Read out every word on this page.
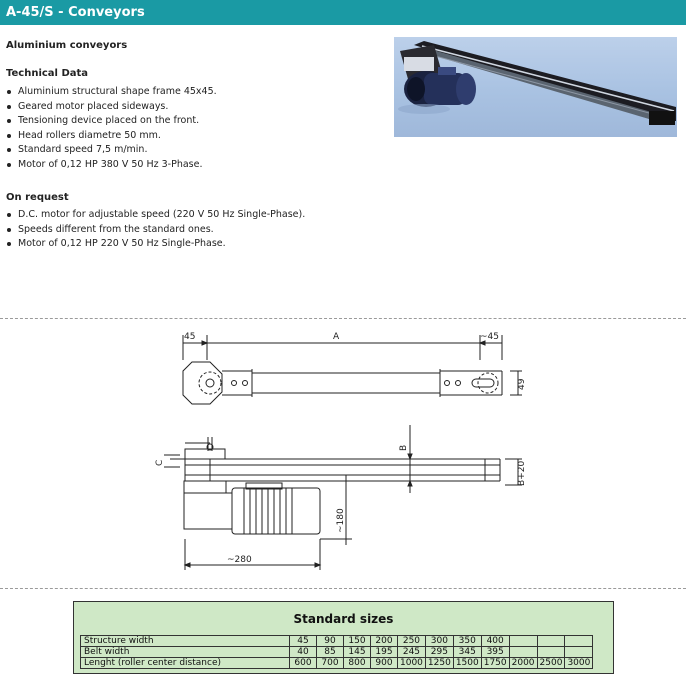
A-45/S - Conveyors
Aluminium conveyors
Technical Data
Aluminium structural shape frame 45x45.
Geared motor placed sideways.
Tensioning device placed on the front.
Head rollers diametre 50 mm.
Standard speed 7,5 m/min.
Motor of 0,12 HP 380 V 50 Hz 3-Phase.
On request
D.C. motor for adjustable speed (220 V 50 Hz Single-Phase).
Speeds different from the standard ones.
Motor of 0,12 HP 220 V 50 Hz Single-Phase.
45	A	~45
49
B
C	B+20
~180
~280
Standard sizes
Structure width	45	90	150	200	250	300	350	400			
Belt width	40	85	145	195	245	295	345	395			
Lenght (roller center distance)	600	700	800	900	1000	1250	1500	1750	2000	2500	3000
